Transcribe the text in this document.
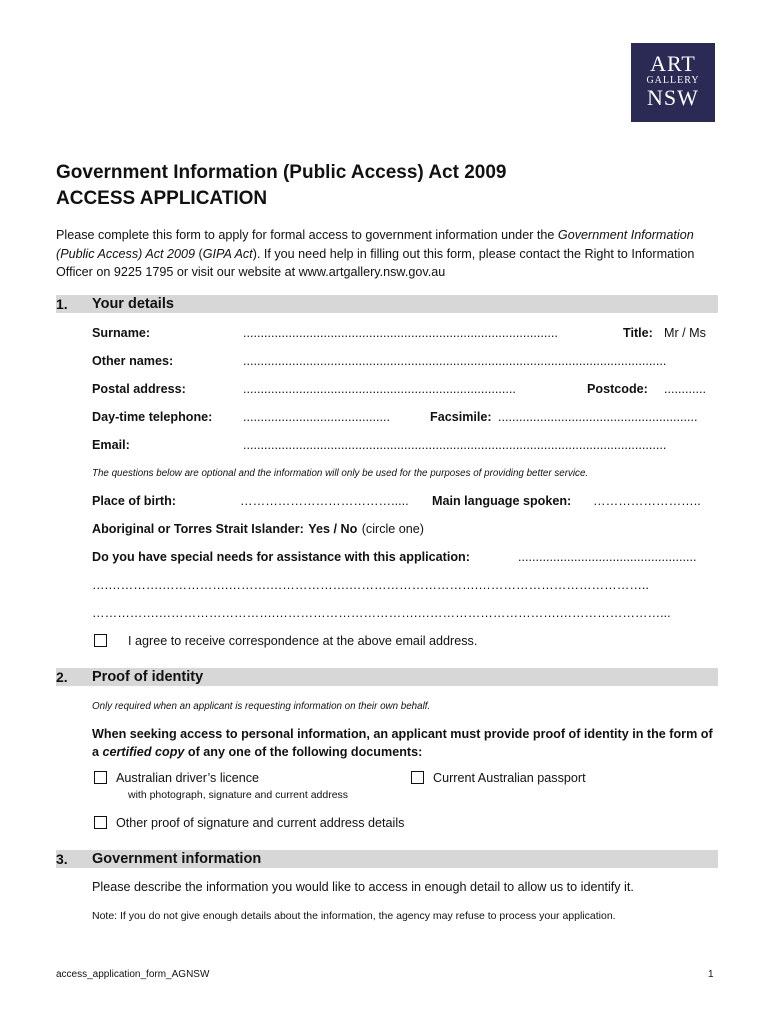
ART
GALLERY
NSW
Government Information (Public Access) Act 2009
ACCESS APPLICATION
Please complete this form to apply for formal access to government information under the Government Information (Public Access) Act 2009 (GIPA Act). If you need help in filling out this form, please contact the Right to Information Officer on 9225 1795 or visit our website at www.artgallery.nsw.gov.au
1. Your details
Surname:	..........................................................................................	Title: Mr / Ms
Other names:	.........................................................................................................................
Postal address:	..............................................................................	Postcode: ............
Day-time telephone: ..........................................	Facsimile: .........................................................
Email:	.........................................................................................................................
The questions below are optional and the information will only be used for the purposes of providing better service.
Place of birth:	……………………………….....	Main language spoken: ……………………..
Aboriginal or Torres Strait Islander: Yes / No (circle one)
Do you have special needs for assistance with this application:	...................................................
….………….…………….……….……………….………………………….…………………………………..
…………….……………………….…………………………….…………………………….……………………...
I agree to receive correspondence at the above email address.
2. Proof of identity
Only required when an applicant is requesting information on their own behalf.
When seeking access to personal information, an applicant must provide proof of identity in the form of a certified copy of any one of the following documents:
Australian driver’s licence
with photograph, signature and current address
Current Australian passport
Other proof of signature and current address details
3. Government information
Please describe the information you would like to access in enough detail to allow us to identify it.
Note: If you do not give enough details about the information, the agency may refuse to process your application.
access_application_form_AGNSW	1
